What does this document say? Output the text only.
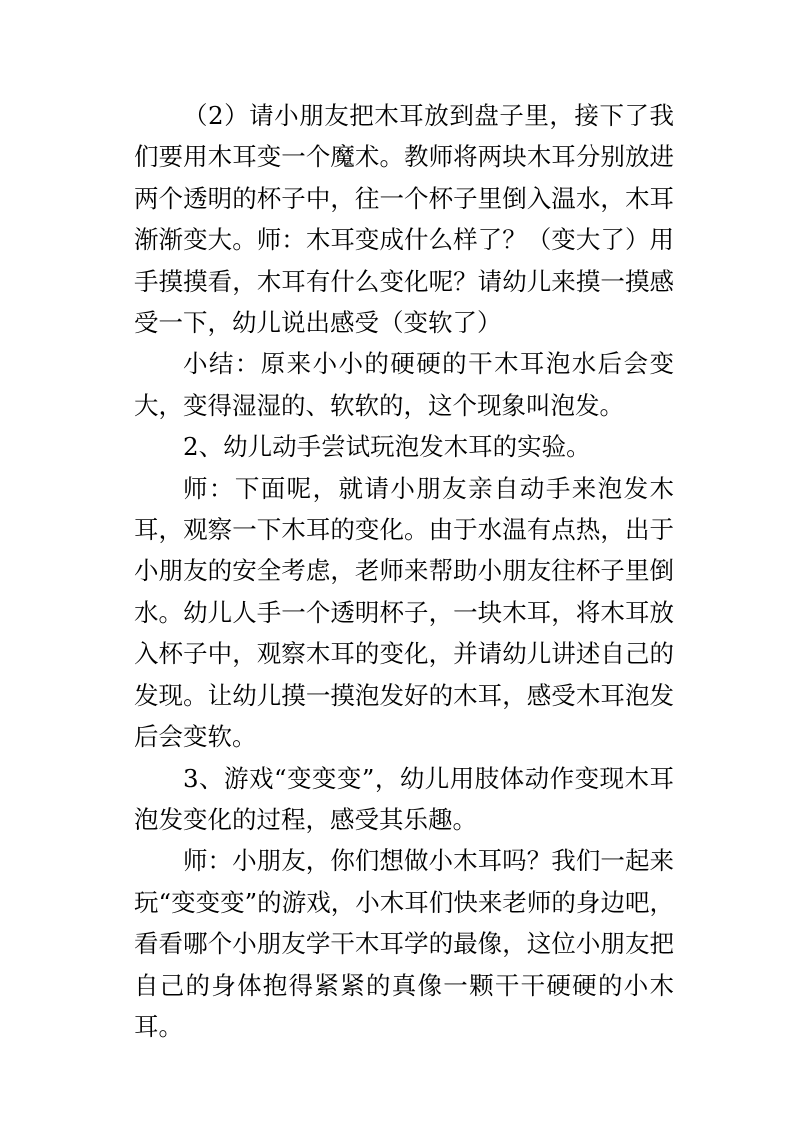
（2）请小朋友把木耳放到盘子里，接下了我们要用木耳变一个魔术。教师将两块木耳分别放进两个透明的杯子中，往一个杯子里倒入温水，木耳渐渐变大。师：木耳变成什么样了？（变大了）用手摸摸看，木耳有什么变化呢？请幼儿来摸一摸感受一下，幼儿说出感受（变软了）

小结：原来小小的硬硬的干木耳泡水后会变大，变得湿湿的、软软的，这个现象叫泡发。

2、幼儿动手尝试玩泡发木耳的实验。

师：下面呢，就请小朋友亲自动手来泡发木耳，观察一下木耳的变化。由于水温有点热，出于小朋友的安全考虑，老师来帮助小朋友往杯子里倒水。幼儿人手一个透明杯子，一块木耳，将木耳放入杯子中，观察木耳的变化，并请幼儿讲述自己的发现。让幼儿摸一摸泡发好的木耳，感受木耳泡发后会变软。

3、游戏“变变变”，幼儿用肢体动作变现木耳泡发变化的过程，感受其乐趣。

师：小朋友，你们想做小木耳吗？我们一起来玩“变变变”的游戏，小木耳们快来老师的身边吧，看看哪个小朋友学干木耳学的最像，这位小朋友把自己的身体抱得紧紧的真像一颗干干硬硬的小木耳。
